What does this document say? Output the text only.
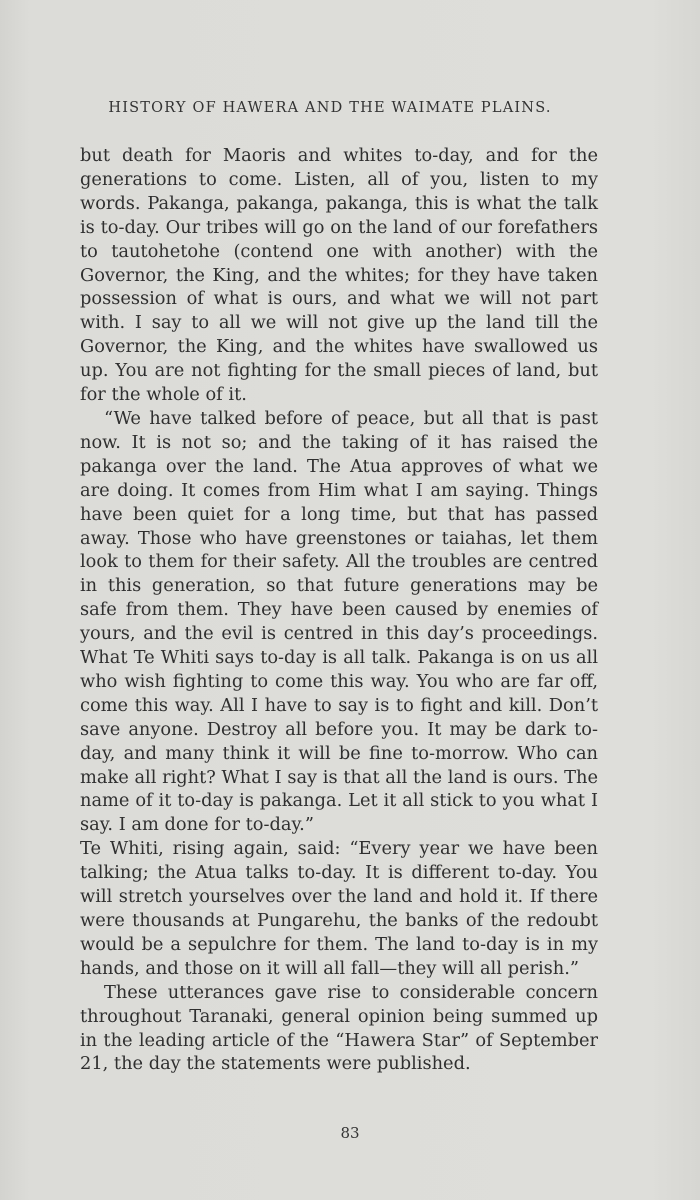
HISTORY OF HAWERA AND THE WAIMATE PLAINS.

but death for Maoris and whites to-day, and for the generations to come. Listen, all of you, listen to my words. Pakanga, pakanga, pakanga, this is what the talk is to-day. Our tribes will go on the land of our forefathers to tautohetohe (contend one with another) with the Governor, the King, and the whites; for they have taken possession of what is ours, and what we will not part with. I say to all we will not give up the land till the Governor, the King, and the whites have swallowed us up. You are not fighting for the small pieces of land, but for the whole of it.

“We have talked before of peace, but all that is past now. It is not so; and the taking of it has raised the pakanga over the land. The Atua approves of what we are doing. It comes from Him what I am saying. Things have been quiet for a long time, but that has passed away. Those who have greenstones or taiahas, let them look to them for their safety. All the troubles are centred in this generation, so that future generations may be safe from them. They have been caused by enemies of yours, and the evil is centred in this day’s proceedings. What Te Whiti says to-day is all talk. Pakanga is on us all who wish fighting to come this way. You who are far off, come this way. All I have to say is to fight and kill. Don’t save anyone. Destroy all before you. It may be dark to-day, and many think it will be fine to-morrow. Who can make all right? What I say is that all the land is ours. The name of it to-day is pakanga. Let it all stick to you what I say. I am done for to-day.”

Te Whiti, rising again, said: “Every year we have been talking; the Atua talks to-day. It is different to-day. You will stretch yourselves over the land and hold it. If there were thousands at Pungarehu, the banks of the redoubt would be a sepulchre for them. The land to-day is in my hands, and those on it will all fall—they will all perish.”

These utterances gave rise to considerable concern throughout Taranaki, general opinion being summed up in the leading article of the “Hawera Star” of September 21, the day the statements were published.

83
